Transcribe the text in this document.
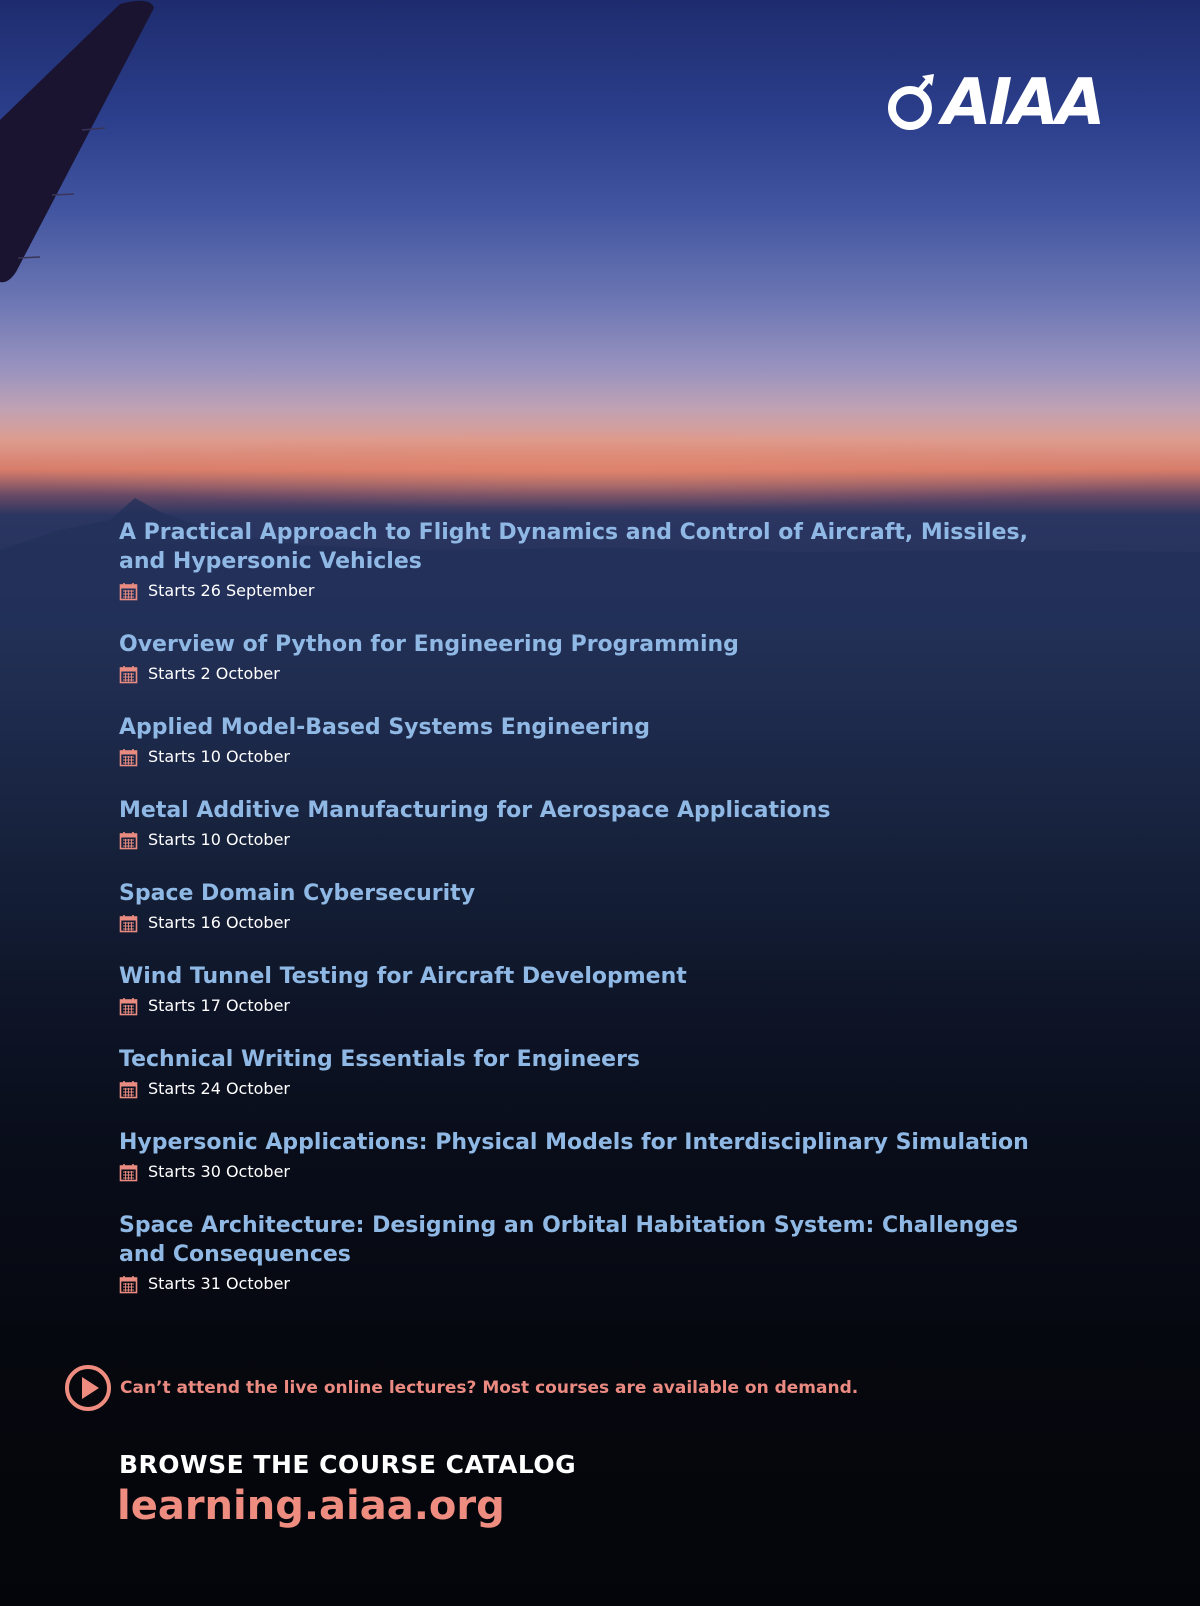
AIAA
A Practical Approach to Flight Dynamics and Control of Aircraft, Missiles, and Hypersonic Vehicles
Starts 26 September
Overview of Python for Engineering Programming
Starts 2 October
Applied Model-Based Systems Engineering
Starts 10 October
Metal Additive Manufacturing for Aerospace Applications
Starts 10 October
Space Domain Cybersecurity
Starts 16 October
Wind Tunnel Testing for Aircraft Development
Starts 17 October
Technical Writing Essentials for Engineers
Starts 24 October
Hypersonic Applications: Physical Models for Interdisciplinary Simulation
Starts 30 October
Space Architecture: Designing an Orbital Habitation System: Challenges and Consequences
Starts 31 October
Can’t attend the live online lectures? Most courses are available on demand.
BROWSE THE COURSE CATALOG
learning.aiaa.org
